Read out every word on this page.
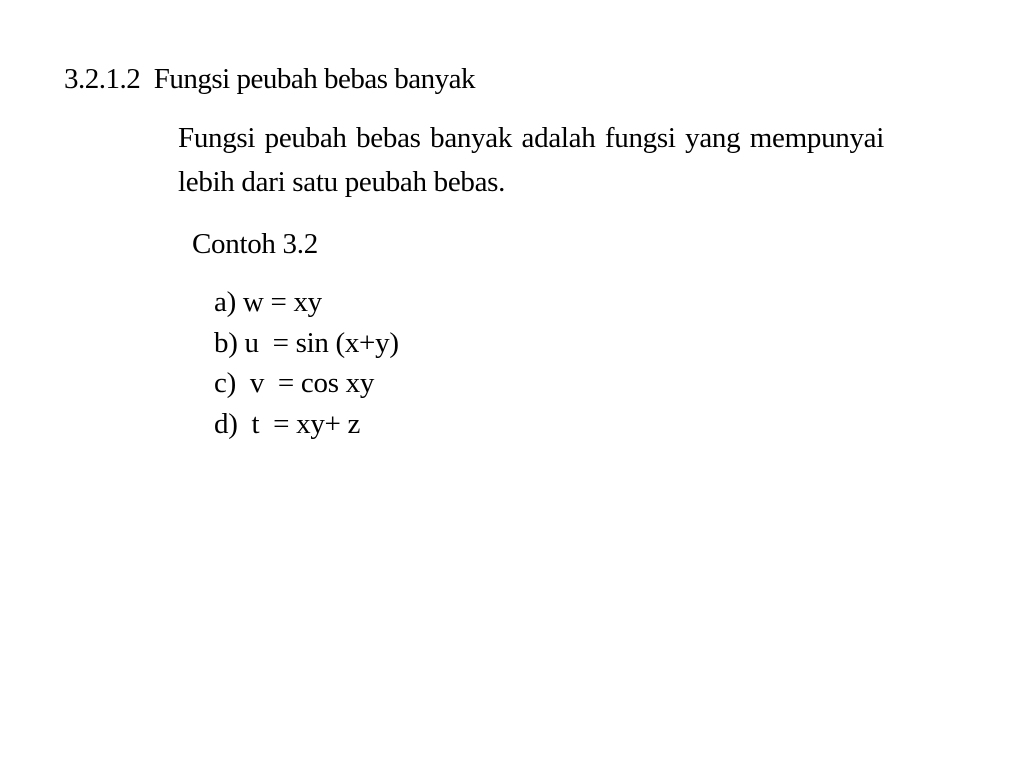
3.2.1.2  Fungsi peubah bebas banyak
Fungsi peubah bebas banyak adalah fungsi yang mempunyai lebih dari satu peubah bebas.
Contoh 3.2
a) w = xy
b) u  = sin (x+y)
c)  v  = cos xy
d)  t  = xy+ z
